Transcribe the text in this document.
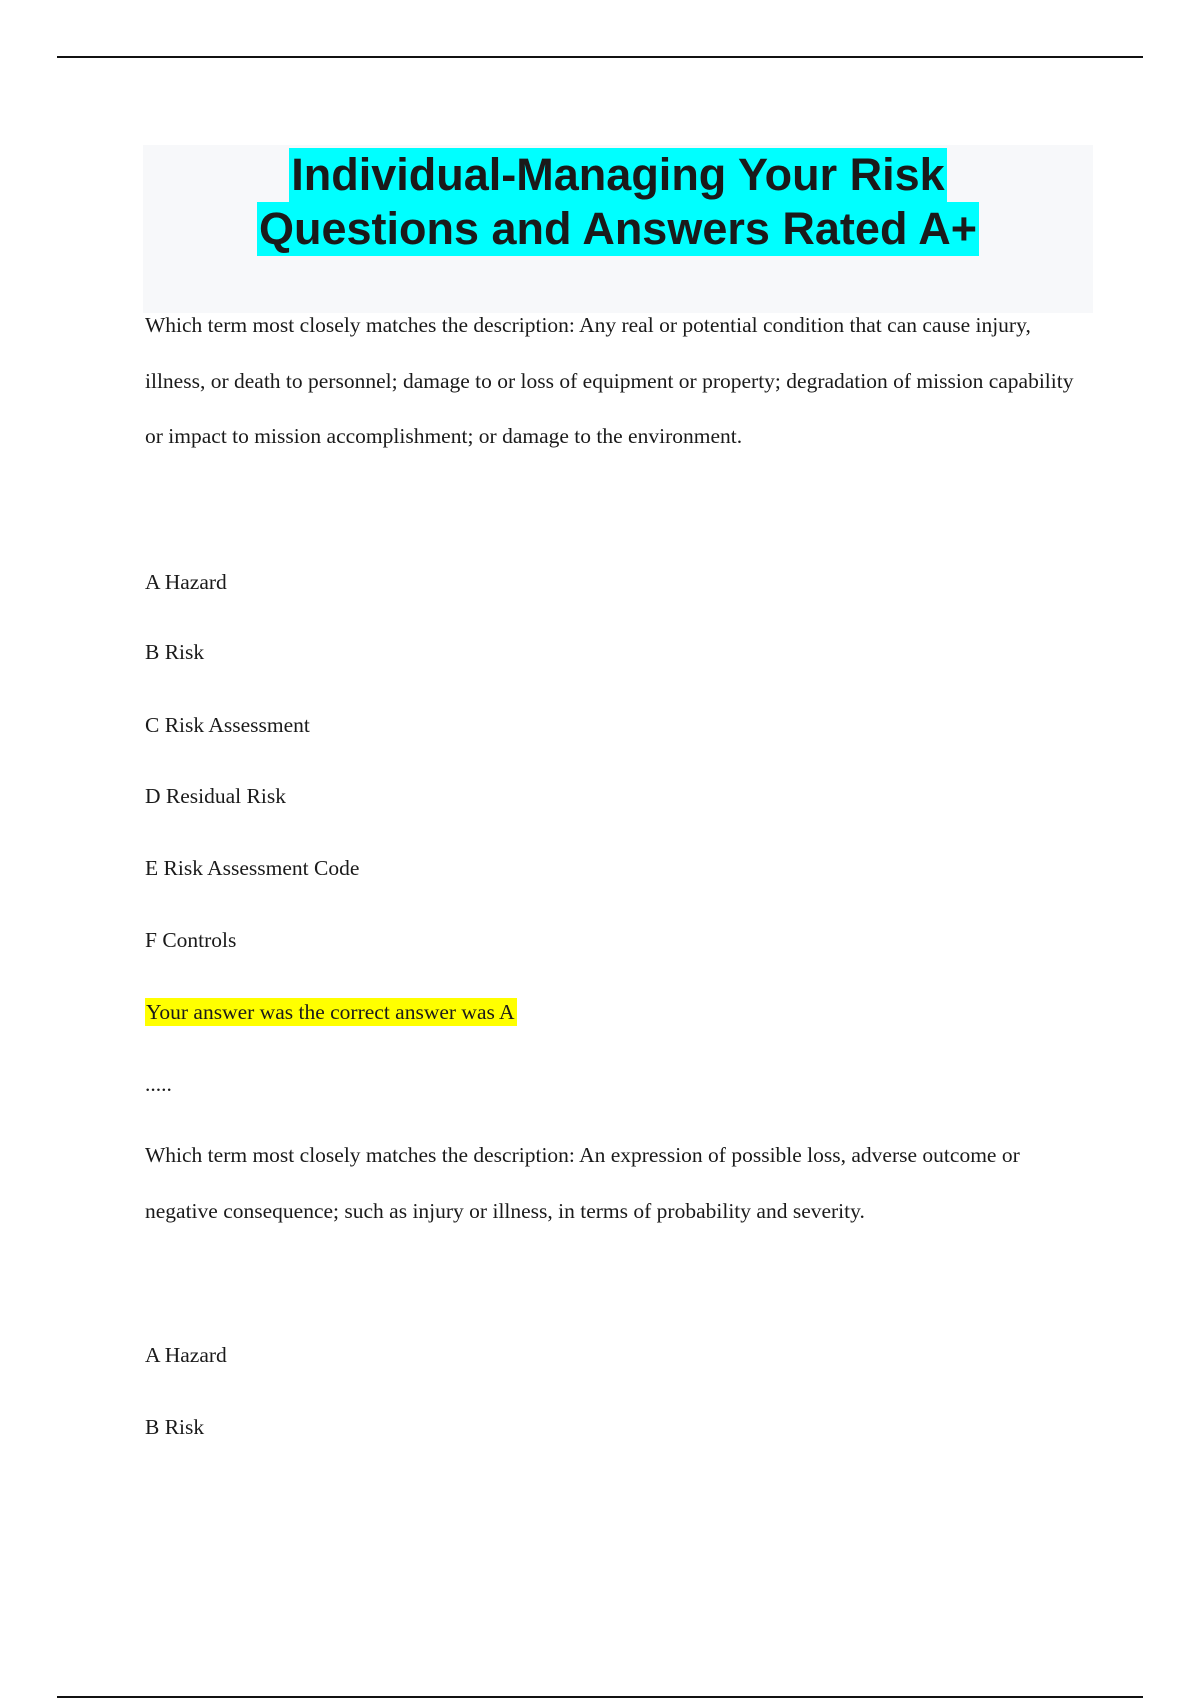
Individual-Managing Your Risk
Questions and Answers Rated A+

Which term most closely matches the description: Any real or potential condition that can cause injury, illness, or death to personnel; damage to or loss of equipment or property; degradation of mission capability or impact to mission accomplishment; or damage to the environment.

A Hazard

B Risk

C Risk Assessment

D Residual Risk

E Risk Assessment Code

F Controls

Your answer was the correct answer was A
.....

Which term most closely matches the description: An expression of possible loss, adverse outcome or negative consequence; such as injury or illness, in terms of probability and severity.

A Hazard

B Risk
